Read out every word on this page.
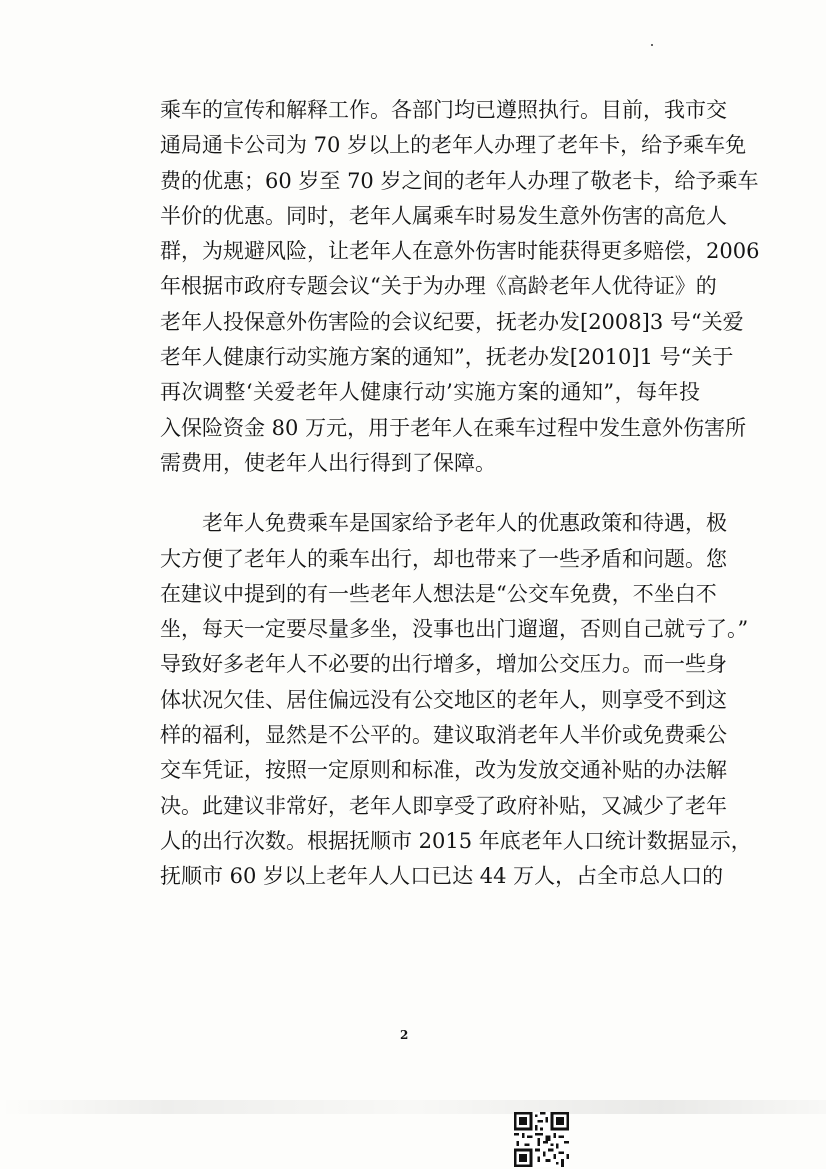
乘车的宣传和解释工作。各部门均已遵照执行。目前，我市交
通局通卡公司为 70 岁以上的老年人办理了老年卡，给予乘车免
费的优惠；60 岁至 70 岁之间的老年人办理了敬老卡，给予乘车
半价的优惠。同时，老年人属乘车时易发生意外伤害的高危人
群，为规避风险，让老年人在意外伤害时能获得更多赔偿，2006
年根据市政府专题会议“关于为办理《高龄老年人优待证》的
老年人投保意外伤害险的会议纪要，抚老办发[2008]3 号“关爱
老年人健康行动实施方案的通知”，抚老办发[2010]1 号“关于
再次调整‘关爱老年人健康行动’实施方案的通知”，每年投
入保险资金 80 万元，用于老年人在乘车过程中发生意外伤害所
需费用，使老年人出行得到了保障。
老年人免费乘车是国家给予老年人的优惠政策和待遇，极
大方便了老年人的乘车出行，却也带来了一些矛盾和问题。您
在建议中提到的有一些老年人想法是“公交车免费，不坐白不
坐，每天一定要尽量多坐，没事也出门遛遛，否则自己就亏了。”
导致好多老年人不必要的出行增多，增加公交压力。而一些身
体状况欠佳、居住偏远没有公交地区的老年人，则享受不到这
样的福利，显然是不公平的。建议取消老年人半价或免费乘公
交车凭证，按照一定原则和标准，改为发放交通补贴的办法解
决。此建议非常好，老年人即享受了政府补贴，又减少了老年
人的出行次数。根据抚顺市 2015 年底老年人口统计数据显示，
抚顺市 60 岁以上老年人人口已达 44 万人，占全市总人口的
2
